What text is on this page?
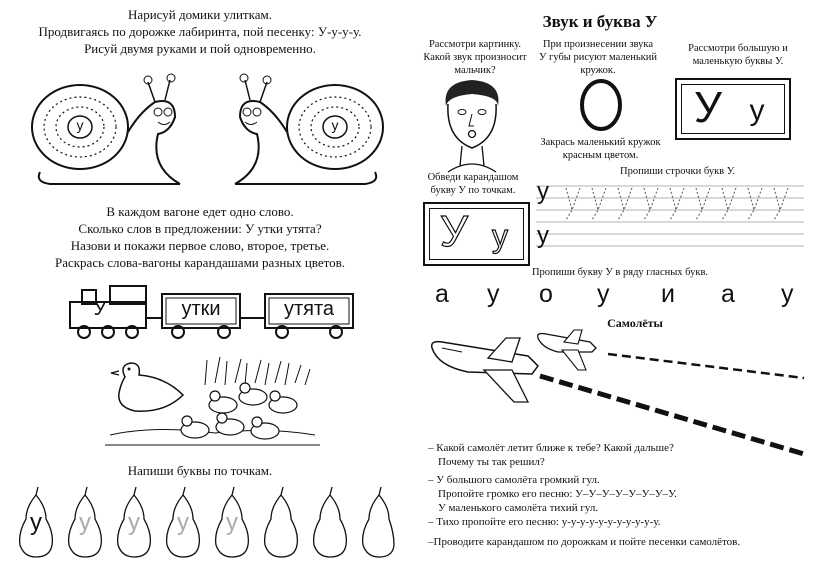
Нарисуй домики улиткам.
Продвигаясь по дорожке лабиринта, пой песенку: У-у-у-у.
Рисуй двумя руками и пой одновременно.
у	у
В каждом вагоне едет одно слово.
Сколько слов в предложении: У утки утята?
Назови и покажи первое слово, второе, третье.
Раскрась слова-вагоны карандашами разных цветов.
У	утки	утята
Напиши буквы по точкам.
у	у	у	у	у
Звук и буква У
Рассмотри картинку. Какой звук произносит мальчик?
При произнесении звука У губы рисуют маленький кружок.
Рассмотри большую и маленькую буквы У.
У у
Закрась маленький кружок красным цветом.
Обведи карандашом букву У по точкам.
Пропиши строчки букв У.
У у
у
у
Пропиши букву У в ряду гласных букв.
а у о у и а у
Самолёты
– Какой самолёт летит ближе к тебе? Какой дальше?
Почему ты так решил?
– У большого самолёта громкий гул.
Пропойте громко его песню: У–У–У–У–У–У–У–У.
У маленького самолёта тихий гул.
– Тихо пропойте его песню: у-у-у-у-у-у-у-у-у-у-у.
–Проводите карандашом по дорожкам и пойте песенки самолётов.
